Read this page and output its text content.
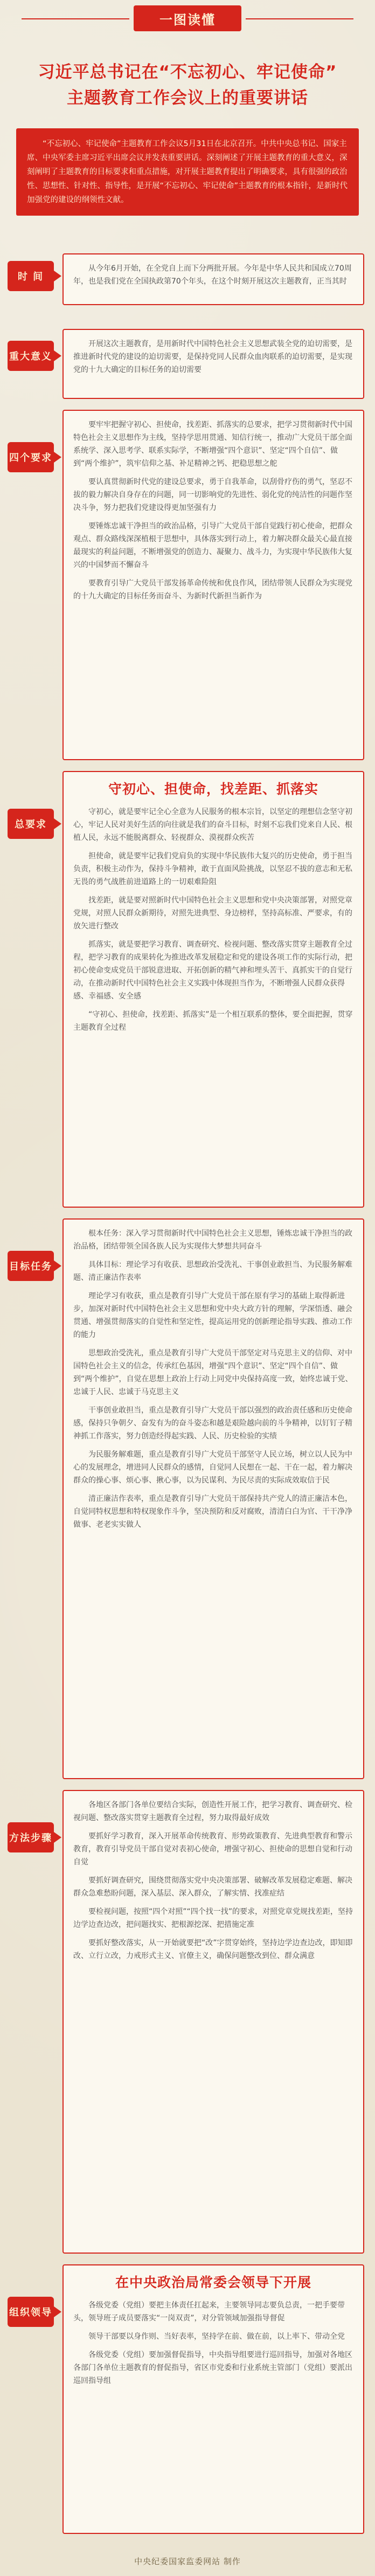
一图读懂
习近平总书记在“不忘初心、牢记使命”
主题教育工作会议上的重要讲话

“不忘初心、牢记使命”主题教育工作会议5月31日在北京召开。中共中央总书记、国家主席、中央军委主席习近平出席会议并发表重要讲话。深刻阐述了开展主题教育的重大意义，深刻阐明了主题教育的目标要求和重点措施，对开展主题教育提出了明确要求，具有很强的政治性、思想性、针对性、指导性，是开展“不忘初心、牢记使命”主题教育的根本指针，是新时代加强党的建设的纲领性文献。

时 间

从今年6月开始，在全党自上而下分两批开展。今年是中华人民共和国成立70周年，也是我们党在全国执政第70个年头，在这个时刻开展这次主题教育，正当其时

重大意义

开展这次主题教育，是用新时代中国特色社会主义思想武装全党的迫切需要，是推进新时代党的建设的迫切需要，是保持党同人民群众血肉联系的迫切需要，是实现党的十九大确定的目标任务的迫切需要

四个要求

要牢牢把握守初心、担使命，找差距、抓落实的总要求，把学习贯彻新时代中国特色社会主义思想作为主线，坚持学思用贯通、知信行统一，推动广大党员干部全面系统学、深入思考学、联系实际学，不断增强“四个意识”、坚定“四个自信”、做到“两个维护”，筑牢信仰之基、补足精神之钙、把稳思想之舵

要认真贯彻新时代党的建设总要求，勇于自我革命，以刮骨疗伤的勇气，坚忍不拔的毅力解决自身存在的问题，同一切影响党的先进性、弱化党的纯洁性的问题作坚决斗争，努力把我们党建设得更加坚强有力

要锤炼忠诚干净担当的政治品格，引导广大党员干部自觉践行初心使命，把群众观点、群众路线深深植根于思想中，具体落实到行动上，着力解决群众最关心最直接最现实的利益问题，不断增强党的创造力、凝聚力、战斗力，为实现中华民族伟大复兴的中国梦而不懈奋斗

要教育引导广大党员干部发扬革命传统和优良作风，团结带领人民群众为实现党的十九大确定的目标任务而奋斗、为新时代新担当新作为

总要求
守初心、担使命，找差距、抓落实

守初心，就是要牢记全心全意为人民服务的根本宗旨，以坚定的理想信念坚守初心，牢记人民对美好生活的向往就是我们的奋斗目标，时刻不忘我们党来自人民、根植人民，永远不能脱离群众、轻视群众、漠视群众疾苦

担使命，就是要牢记我们党肩负的实现中华民族伟大复兴的历史使命，勇于担当负责，积极主动作为，保持斗争精神，敢于直面风险挑战，以坚忍不拔的意志和无私无畏的勇气战胜前进道路上的一切艰难险阻

找差距，就是要对照新时代中国特色社会主义思想和党中央决策部署，对照党章党规，对照人民群众新期待，对照先进典型、身边榜样，坚持高标准、严要求，有的放矢进行整改

抓落实，就是要把学习教育、调查研究、检视问题、整改落实贯穿主题教育全过程，把学习教育的成果转化为推进改革发展稳定和党的建设各项工作的实际行动，把初心使命变成党员干部锐意进取、开拓创新的精气神和埋头苦干、真抓实干的自觉行动，在推动新时代中国特色社会主义实践中体现担当作为，不断增强人民群众获得感、幸福感、安全感

“守初心、担使命，找差距、抓落实”是一个相互联系的整体，要全面把握，贯穿主题教育全过程

目标任务

根本任务：深入学习贯彻新时代中国特色社会主义思想，锤炼忠诚干净担当的政治品格，团结带领全国各族人民为实现伟大梦想共同奋斗

具体目标：理论学习有收获、思想政治受洗礼、干事创业敢担当、为民服务解难题、清正廉洁作表率

理论学习有收获，重点是教育引导广大党员干部在原有学习的基础上取得新进步，加深对新时代中国特色社会主义思想和党中央大政方针的理解，学深悟透、融会贯通、增强贯彻落实的自觉性和坚定性，提高运用党的创新理论指导实践、推动工作的能力

思想政治受洗礼，重点是教育引导广大党员干部坚定对马克思主义的信仰、对中国特色社会主义的信念，传承红色基因，增强“四个意识”、坚定“四个自信”、做到“两个维护”，自觉在思想上政治上行动上同党中央保持高度一致，始终忠诚于党、忠诚于人民、忠诚于马克思主义

干事创业敢担当，重点是教育引导广大党员干部以强烈的政治责任感和历史使命感，保持只争朝夕、奋发有为的奋斗姿态和越是艰险越向前的斗争精神，以钉钉子精神抓工作落实，努力创造经得起实践、人民、历史检验的实绩

为民服务解难题，重点是教育引导广大党员干部坚守人民立场，树立以人民为中心的发展理念，增进同人民群众的感情，自觉同人民想在一起、干在一起，着力解决群众的操心事、烦心事、揪心事，以为民谋利、为民尽责的实际成效取信于民

清正廉洁作表率，重点是教育引导广大党员干部保持共产党人的清正廉洁本色，自觉同特权思想和特权现象作斗争，坚决预防和反对腐败，清清白白为官、干干净净做事、老老实实做人

方法步骤

各地区各部门各单位要结合实际，创造性开展工作，把学习教育、调查研究、检视问题、整改落实贯穿主题教育全过程，努力取得最好成效

要抓好学习教育，深入开展革命传统教育、形势政策教育、先进典型教育和警示教育，教育引导党员干部自觉对表初心使命，增强守初心、担使命的思想自觉和行动自觉

要抓好调查研究，围绕贯彻落实党中央决策部署、破解改革发展稳定难题、解决群众急难愁盼问题，深入基层、深入群众，了解实情、找准症结

要检视问题，按照“四个对照”“四个找一找”的要求，对照党章党规找差距，坚持边学边查边改，把问题找实、把根源挖深、把措施定准

要抓好整改落实，从一开始就要把“改”字贯穿始终，坚持边学边查边改，即知即改、立行立改，力戒形式主义、官僚主义，确保问题整改到位、群众满意

组织领导
在中央政治局常委会领导下开展

各级党委（党组）要把主体责任扛起来，主要领导同志要负总责，一把手要带头，领导班子成员要落实“一岗双责”，对分管领域加强指导督促

领导干部要以身作则、当好表率，坚持学在前、做在前，以上率下、带动全党

各级党委（党组）要加强督促指导，中央指导组要进行巡回指导，加强对各地区各部门各单位主题教育的督促指导，省区市党委和行业系统主管部门（党组）要派出巡回指导组

中央纪委国家监委网站 制作
